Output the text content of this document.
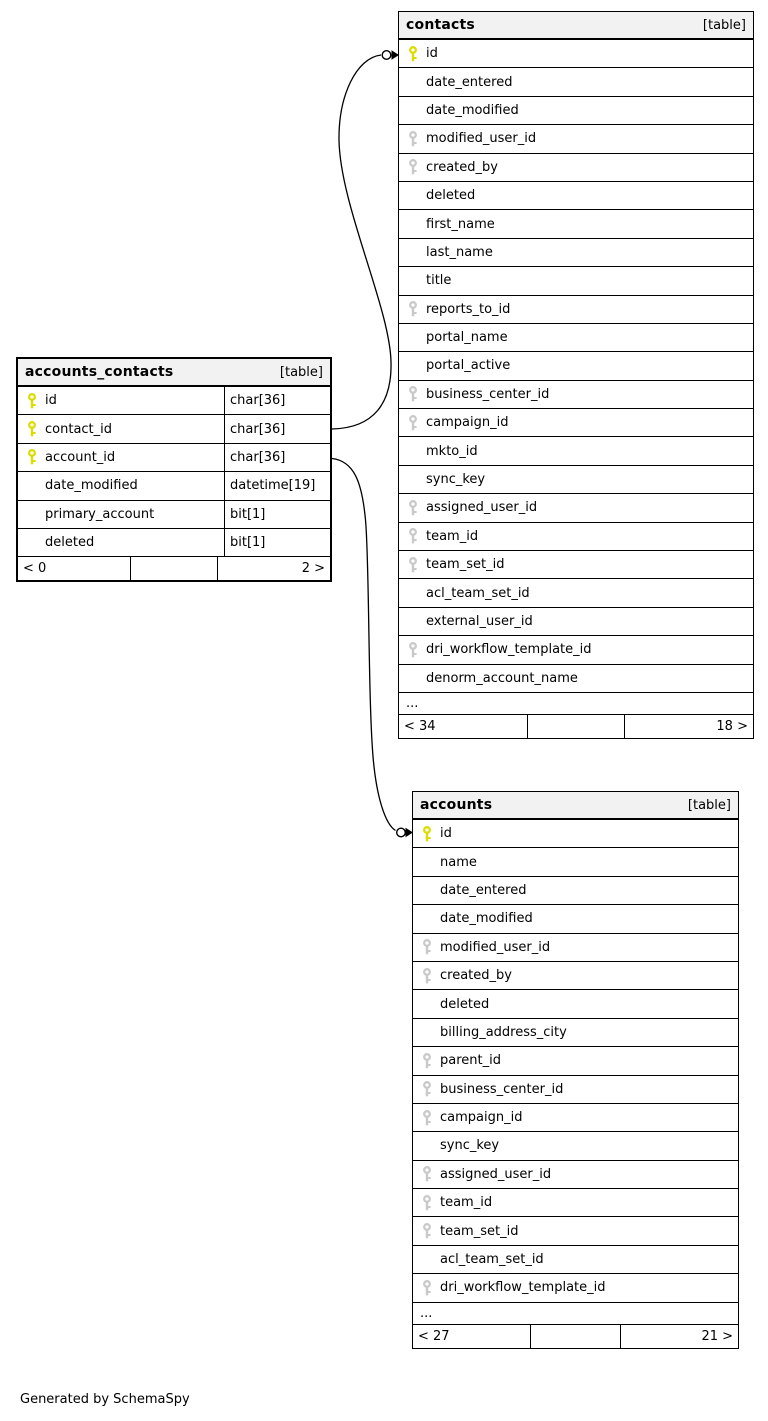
contacts	[table]
id
date_entered
date_modified
modified_user_id
created_by
deleted
first_name
last_name
title
reports_to_id
portal_name
portal_active
business_center_id
campaign_id
mkto_id
sync_key
assigned_user_id
team_id
team_set_id
acl_team_set_id
external_user_id
dri_workflow_template_id
denorm_account_name
...
< 34	18 >
accounts_contacts	[table]
id	char[36]
contact_id	char[36]
account_id	char[36]
date_modified	datetime[19]
primary_account	bit[1]
deleted	bit[1]
< 0	2 >
accounts	[table]
id
name
date_entered
date_modified
modified_user_id
created_by
deleted
billing_address_city
parent_id
business_center_id
campaign_id
sync_key
assigned_user_id
team_id
team_set_id
acl_team_set_id
dri_workflow_template_id
...
< 27	21 >
Generated by SchemaSpy
